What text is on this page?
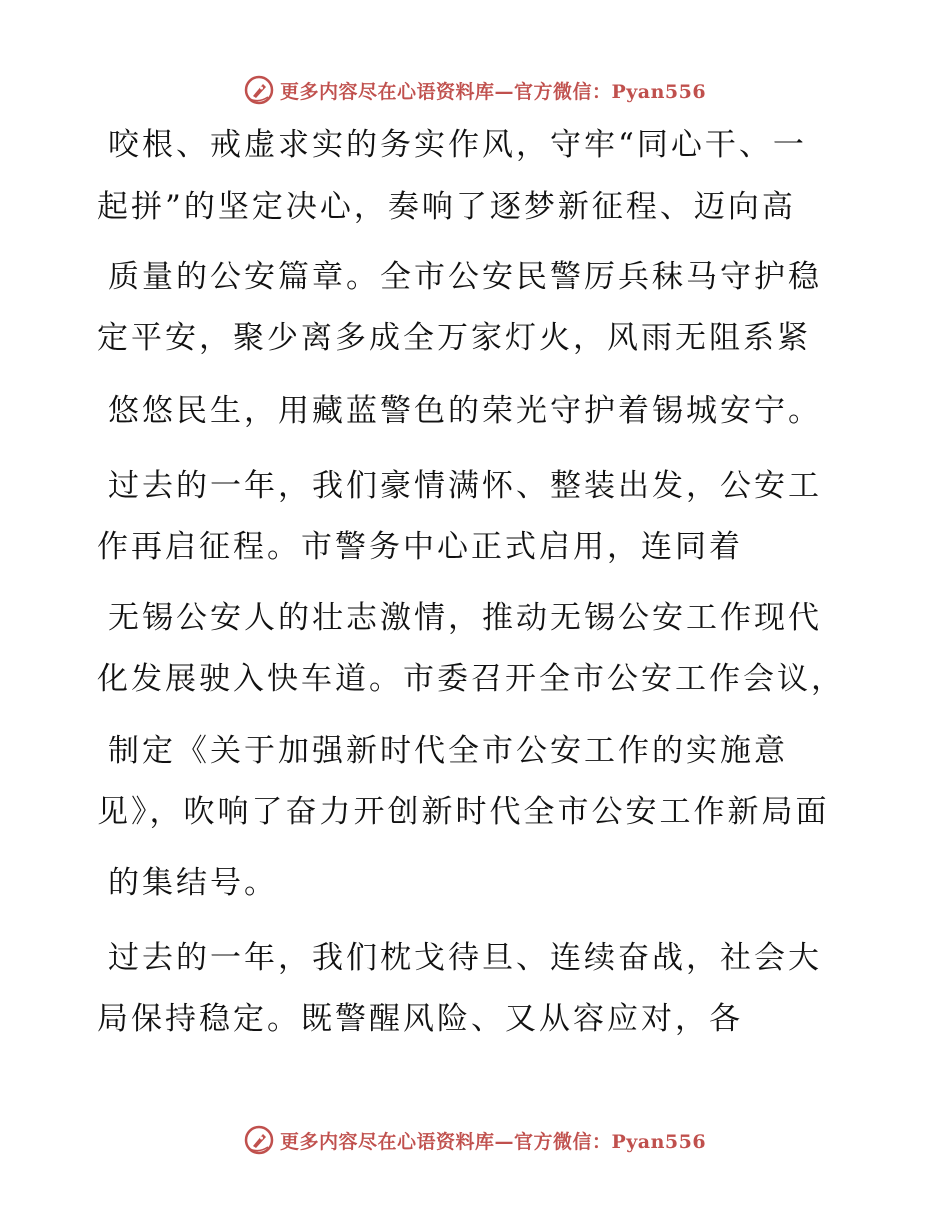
更多内容尽在心语资料库—官方微信：Pyan556
咬根、戒虚求实的务实作风，守牢“同心干、一
起拼”的坚定决心，奏响了逐梦新征程、迈向高
质量的公安篇章。全市公安民警厉兵秣马守护稳
定平安，聚少离多成全万家灯火，风雨无阻系紧
悠悠民生，用藏蓝警色的荣光守护着锡城安宁。
过去的一年，我们豪情满怀、整装出发，公安工
作再启征程。市警务中心正式启用，连同着
无锡公安人的壮志激情，推动无锡公安工作现代
化发展驶入快车道。市委召开全市公安工作会议，
制定《关于加强新时代全市公安工作的实施意
见》，吹响了奋力开创新时代全市公安工作新局面
的集结号。
过去的一年，我们枕戈待旦、连续奋战，社会大
局保持稳定。既警醒风险、又从容应对，各
更多内容尽在心语资料库—官方微信：Pyan556
